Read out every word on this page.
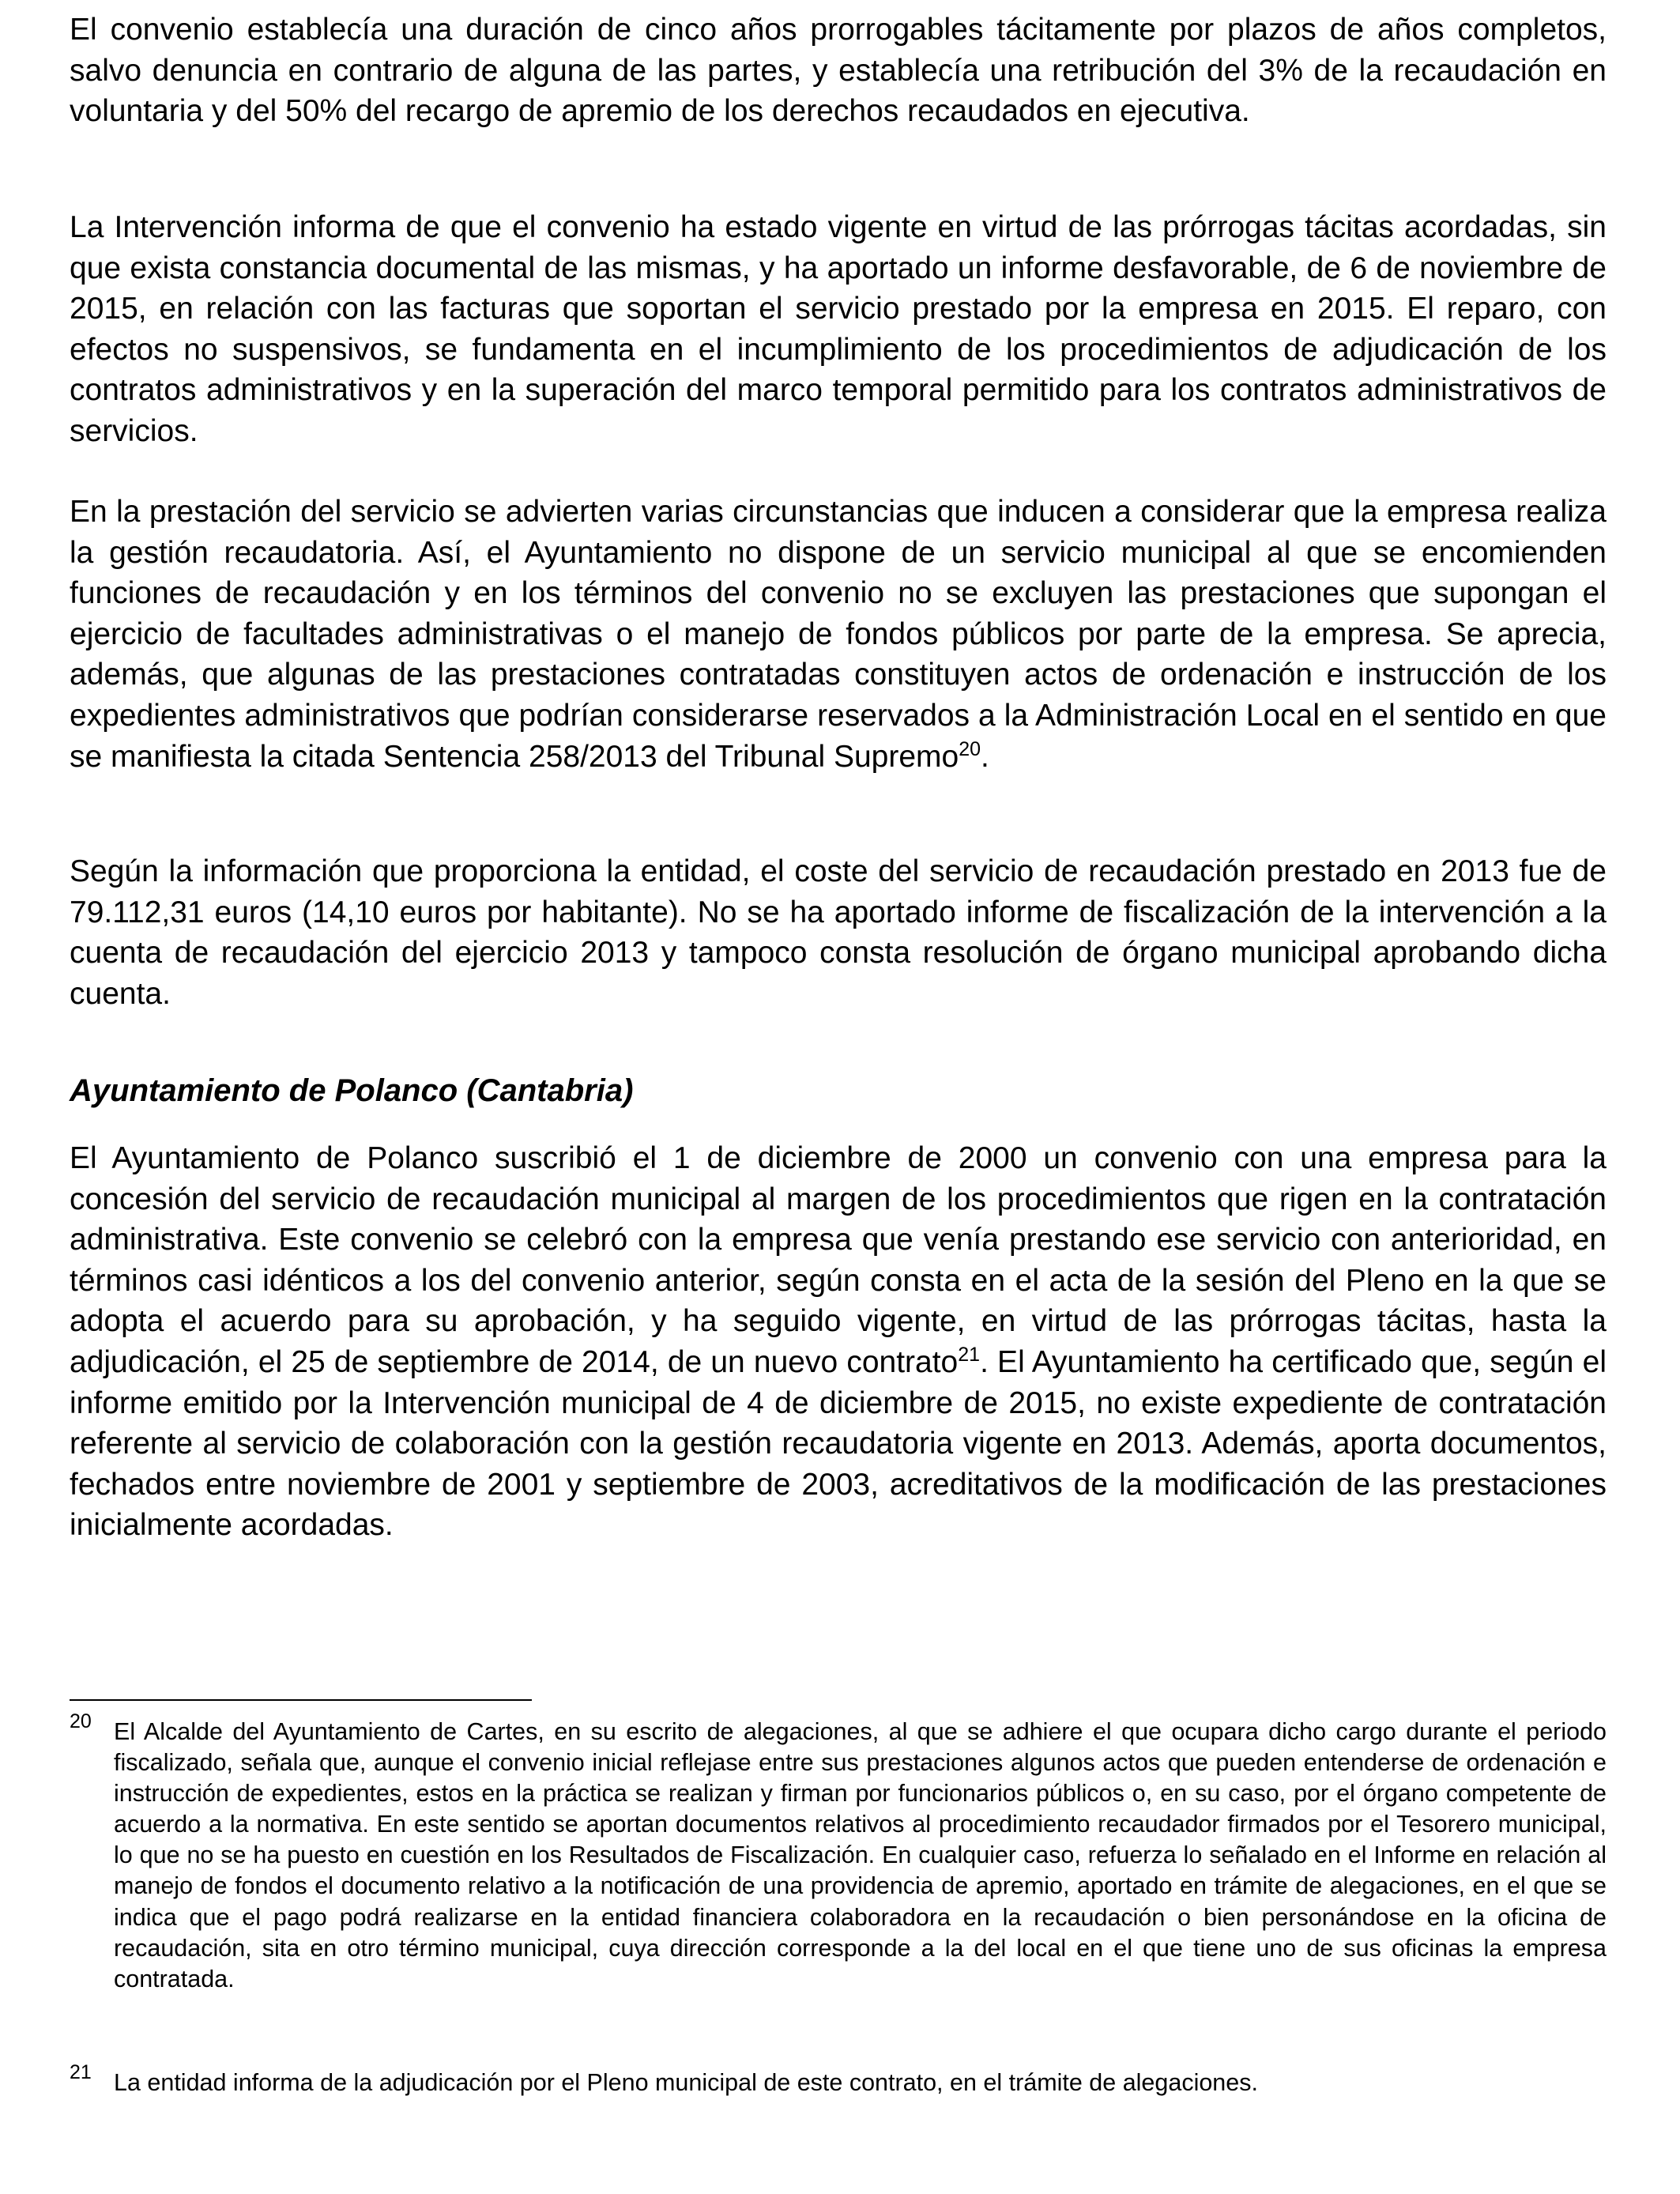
El convenio establecía una duración de cinco años prorrogables tácitamente por plazos de años completos, salvo denuncia en contrario de alguna de las partes, y establecía una retribución del 3% de la recaudación en voluntaria y del 50% del recargo de apremio de los derechos recaudados en ejecutiva.

La Intervención informa de que el convenio ha estado vigente en virtud de las prórrogas tácitas acordadas, sin que exista constancia documental de las mismas, y ha aportado un informe desfavorable, de 6 de noviembre de 2015, en relación con las facturas que soportan el servicio prestado por la empresa en 2015. El reparo, con efectos no suspensivos, se fundamenta en el incumplimiento de los procedimientos de adjudicación de los contratos administrativos y en la superación del marco temporal permitido para los contratos administrativos de servicios.

En la prestación del servicio se advierten varias circunstancias que inducen a considerar que la empresa realiza la gestión recaudatoria. Así, el Ayuntamiento no dispone de un servicio municipal al que se encomienden funciones de recaudación y en los términos del convenio no se excluyen las prestaciones que supongan el ejercicio de facultades administrativas o el manejo de fondos públicos por parte de la empresa. Se aprecia, además, que algunas de las prestaciones contratadas constituyen actos de ordenación e instrucción de los expedientes administrativos que podrían considerarse reservados a la Administración Local en el sentido en que se manifiesta la citada Sentencia 258/2013 del Tribunal Supremo$^{20}$.

Según la información que proporciona la entidad, el coste del servicio de recaudación prestado en 2013 fue de 79.112,31 euros (14,10 euros por habitante). No se ha aportado informe de fiscalización de la intervención a la cuenta de recaudación del ejercicio 2013 y tampoco consta resolución de órgano municipal aprobando dicha cuenta.

Ayuntamiento de Polanco (Cantabria)

El Ayuntamiento de Polanco suscribió el 1 de diciembre de 2000 un convenio con una empresa para la concesión del servicio de recaudación municipal al margen de los procedimientos que rigen en la contratación administrativa. Este convenio se celebró con la empresa que venía prestando ese servicio con anterioridad, en términos casi idénticos a los del convenio anterior, según consta en el acta de la sesión del Pleno en la que se adopta el acuerdo para su aprobación, y ha seguido vigente, en virtud de las prórrogas tácitas, hasta la adjudicación, el 25 de septiembre de 2014, de un nuevo contrato$^{21}$. El Ayuntamiento ha certificado que, según el informe emitido por la Intervención municipal de 4 de diciembre de 2015, no existe expediente de contratación referente al servicio de colaboración con la gestión recaudatoria vigente en 2013. Además, aporta documentos, fechados entre noviembre de 2001 y septiembre de 2003, acreditativos de la modificación de las prestaciones inicialmente acordadas.

20 El Alcalde del Ayuntamiento de Cartes, en su escrito de alegaciones, al que se adhiere el que ocupara dicho cargo durante el periodo fiscalizado, señala que, aunque el convenio inicial reflejase entre sus prestaciones algunos actos que pueden entenderse de ordenación e instrucción de expedientes, estos en la práctica se realizan y firman por funcionarios públicos o, en su caso, por el órgano competente de acuerdo a la normativa. En este sentido se aportan documentos relativos al procedimiento recaudador firmados por el Tesorero municipal, lo que no se ha puesto en cuestión en los Resultados de Fiscalización. En cualquier caso, refuerza lo señalado en el Informe en relación al manejo de fondos el documento relativo a la notificación de una providencia de apremio, aportado en trámite de alegaciones, en el que se indica que el pago podrá realizarse en la entidad financiera colaboradora en la recaudación o bien personándose en la oficina de recaudación, sita en otro término municipal, cuya dirección corresponde a la del local en el que tiene uno de sus oficinas la empresa contratada.

21 La entidad informa de la adjudicación por el Pleno municipal de este contrato, en el trámite de alegaciones.
